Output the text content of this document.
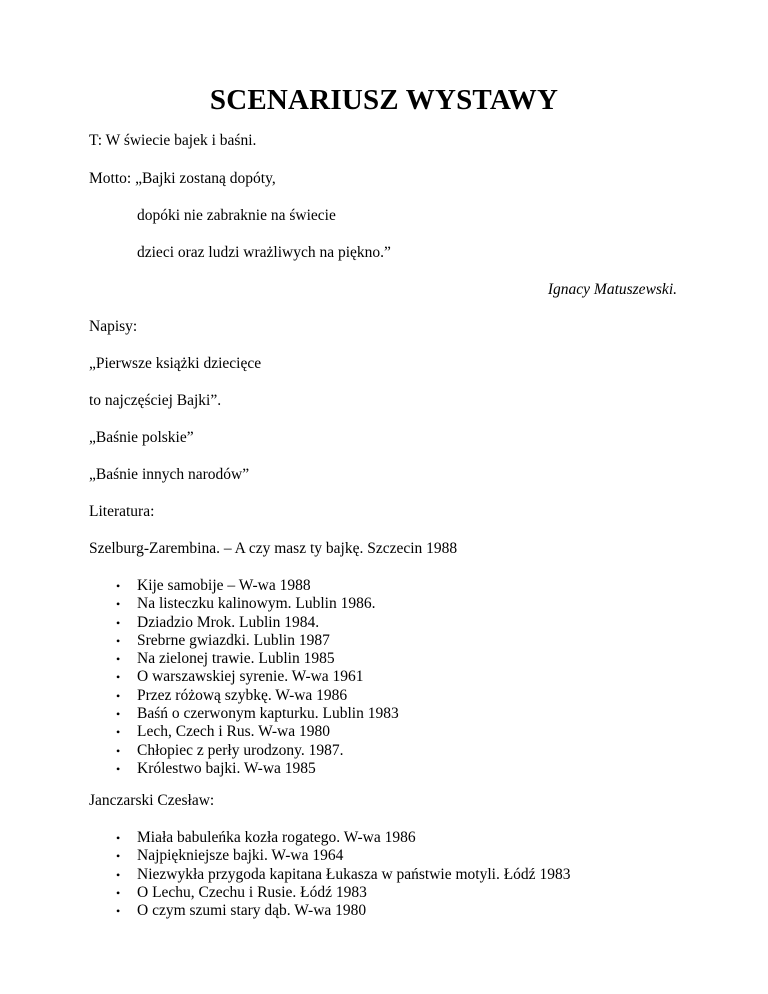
SCENARIUSZ WYSTAWY
T: W świecie bajek i baśni.
Motto: „Bajki zostaną dopóty,
dopóki nie zabraknie na świecie
dzieci oraz ludzi wrażliwych na piękno.”
Ignacy Matuszewski.
Napisy:
„Pierwsze książki dziecięce
to najczęściej Bajki”.
„Baśnie polskie”
„Baśnie innych narodów”
Literatura:
Szelburg-Zarembina. – A czy masz ty bajkę. Szczecin 1988
• Kije samobije – W-wa 1988
• Na listeczku kalinowym. Lublin 1986.
• Dziadzio Mrok. Lublin 1984.
• Srebrne gwiazdki. Lublin 1987
• Na zielonej trawie. Lublin 1985
• O warszawskiej syrenie. W-wa 1961
• Przez różową szybkę. W-wa 1986
• Baśń o czerwonym kapturku. Lublin 1983
• Lech, Czech i Rus. W-wa 1980
• Chłopiec z perły urodzony. 1987.
• Królestwo bajki. W-wa 1985
Janczarski Czesław:
• Miała babuleńka kozła rogatego. W-wa 1986
• Najpiękniejsze bajki. W-wa 1964
• Niezwykła przygoda kapitana Łukasza w państwie motyli. Łódź 1983
• O Lechu, Czechu i Rusie. Łódź 1983
• O czym szumi stary dąb. W-wa 1980
